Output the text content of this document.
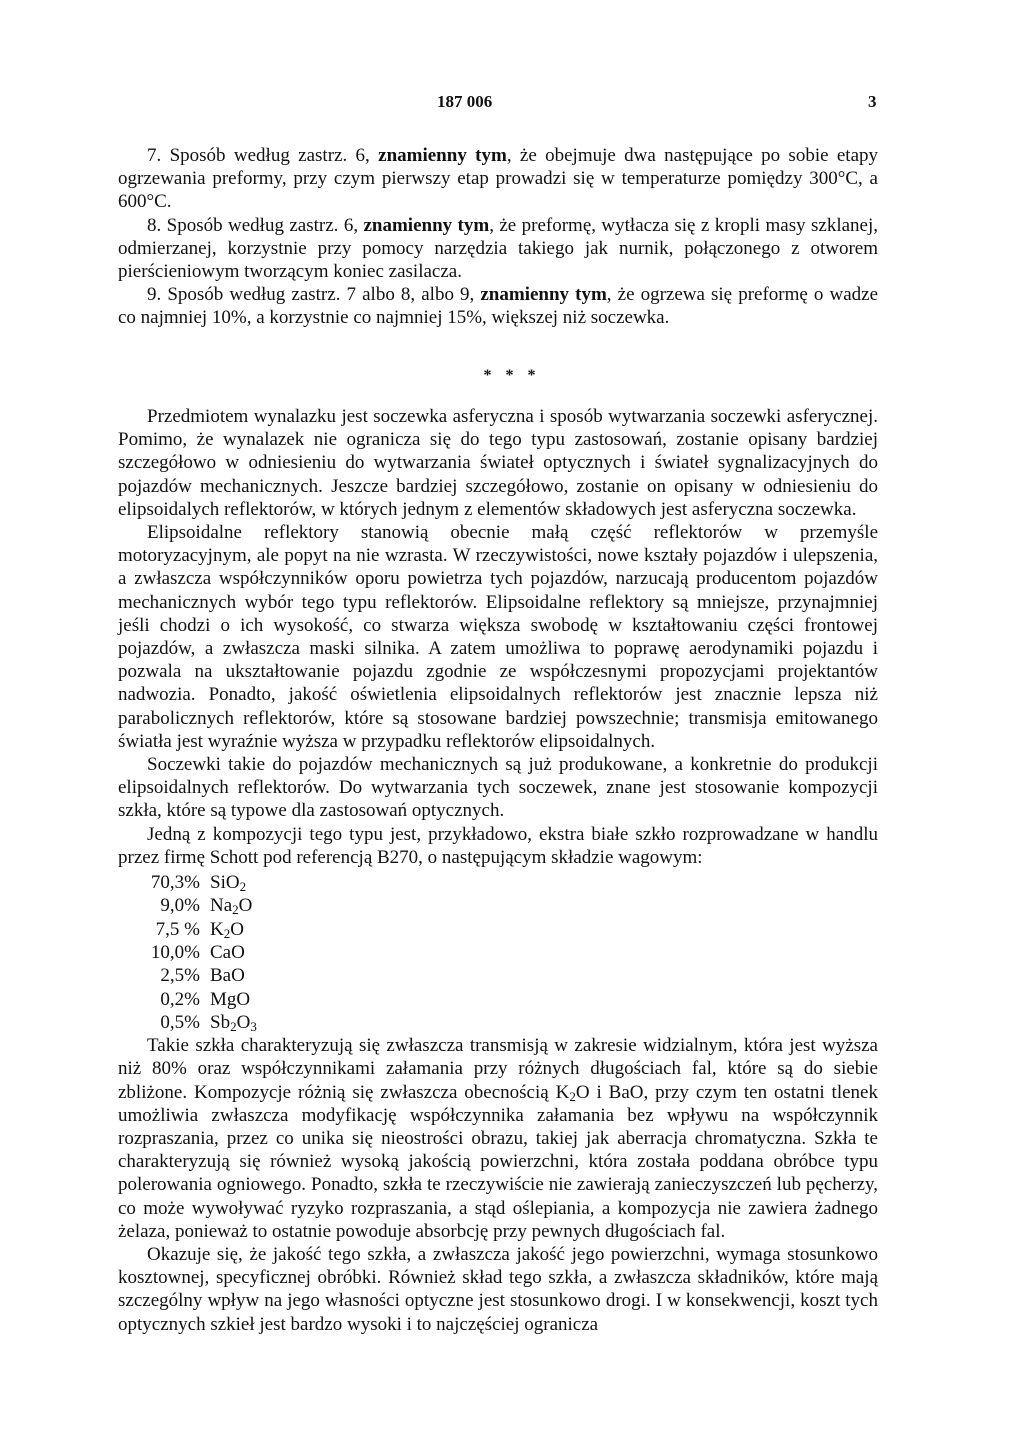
187 006	3

7. Sposób według zastrz. 6, znamienny tym, że obejmuje dwa następujące po sobie etapy ogrzewania preformy, przy czym pierwszy etap prowadzi się w temperaturze pomiędzy 300°C, a 600°C.

8. Sposób według zastrz. 6, znamienny tym, że preformę, wytłacza się z kropli masy szklanej, odmierzanej, korzystnie przy pomocy narzędzia takiego jak nurnik, połączonego z otworem pierścieniowym tworzącym koniec zasilacza.

9. Sposób według zastrz. 7 albo 8, albo 9, znamienny tym, że ogrzewa się preformę o wadze co najmniej 10%, a korzystnie co najmniej 15%, większej niż soczewka.

* * *

Przedmiotem wynalazku jest soczewka asferyczna i sposób wytwarzania soczewki asferycznej. Pomimo, że wynalazek nie ogranicza się do tego typu zastosowań, zostanie opisany bardziej szczegółowo w odniesieniu do wytwarzania świateł optycznych i świateł sygnalizacyjnych do pojazdów mechanicznych. Jeszcze bardziej szczegółowo, zostanie on opisany w odniesieniu do elipsoidalych reflektorów, w których jednym z elementów składowych jest asferyczna soczewka.

Elipsoidalne reflektory stanowią obecnie małą część reflektorów w przemyśle motoryzacyjnym, ale popyt na nie wzrasta. W rzeczywistości, nowe kształy pojazdów i ulepszenia, a zwłaszcza współczynników oporu powietrza tych pojazdów, narzucają producentom pojazdów mechanicznych wybór tego typu reflektorów. Elipsoidalne reflektory są mniejsze, przynajmniej jeśli chodzi o ich wysokość, co stwarza większa swobodę w kształtowaniu części frontowej pojazdów, a zwłaszcza maski silnika. A zatem umożliwa to poprawę aerodynamiki pojazdu i pozwala na ukształtowanie pojazdu zgodnie ze współczesnymi propozycjami projektantów nadwozia. Ponadto, jakość oświetlenia elipsoidalnych reflektorów jest znacznie lepsza niż parabolicznych reflektorów, które są stosowane bardziej powszechnie; transmisja emitowanego światła jest wyraźnie wyższa w przypadku reflektorów elipsoidalnych.

Soczewki takie do pojazdów mechanicznych są już produkowane, a konkretnie do produkcji elipsoidalnych reflektorów. Do wytwarzania tych soczewek, znane jest stosowanie kompozycji szkła, które są typowe dla zastosowań optycznych.

Jedną z kompozycji tego typu jest, przykładowo, ekstra białe szkło rozprowadzane w handlu przez firmę Schott pod referencją B270, o następującym składzie wagowym:

70,3% SiO$_2$
9,0% $Na_2O$
7,5 % $K_2O$
10,0% CaO
2,5% BaO
0,2% MgO
0,5% $Sb_2O_3$

Takie szkła charakteryzują się zwłaszcza transmisją w zakresie widzialnym, która jest wyższa niż 80% oraz współczynnikami załamania przy różnych długościach fal, które są do siebie zbliżone. Kompozycje różnią się zwłaszcza obecnością $K_2O$ i BaO, przy czym ten ostatni tlenek umożliwia zwłaszcza modyfikację współczynnika załamania bez wpływu na współczynnik rozpraszania, przez co unika się nieostrości obrazu, takiej jak aberracja chromatyczna. Szkła te charakteryzują się również wysoką jakością powierzchni, która została poddana obróbce typu polerowania ogniowego. Ponadto, szkła te rzeczywiście nie zawierają zanieczyszczeń lub pęcherzy, co może wywoływać ryzyko rozpraszania, a stąd oślepiania, a kompozycja nie zawiera żadnego żelaza, ponieważ to ostatnie powoduje absorbcję przy pewnych długościach fal.

Okazuje się, że jakość tego szkła, a zwłaszcza jakość jego powierzchni, wymaga stosunkowo kosztownej, specyficznej obróbki. Również skład tego szkła, a zwłaszcza składników, które mają szczególny wpływ na jego własności optyczne jest stosunkowo drogi. I w konsekwencji, koszt tych optycznych szkieł jest bardzo wysoki i to najczęściej ogranicza
